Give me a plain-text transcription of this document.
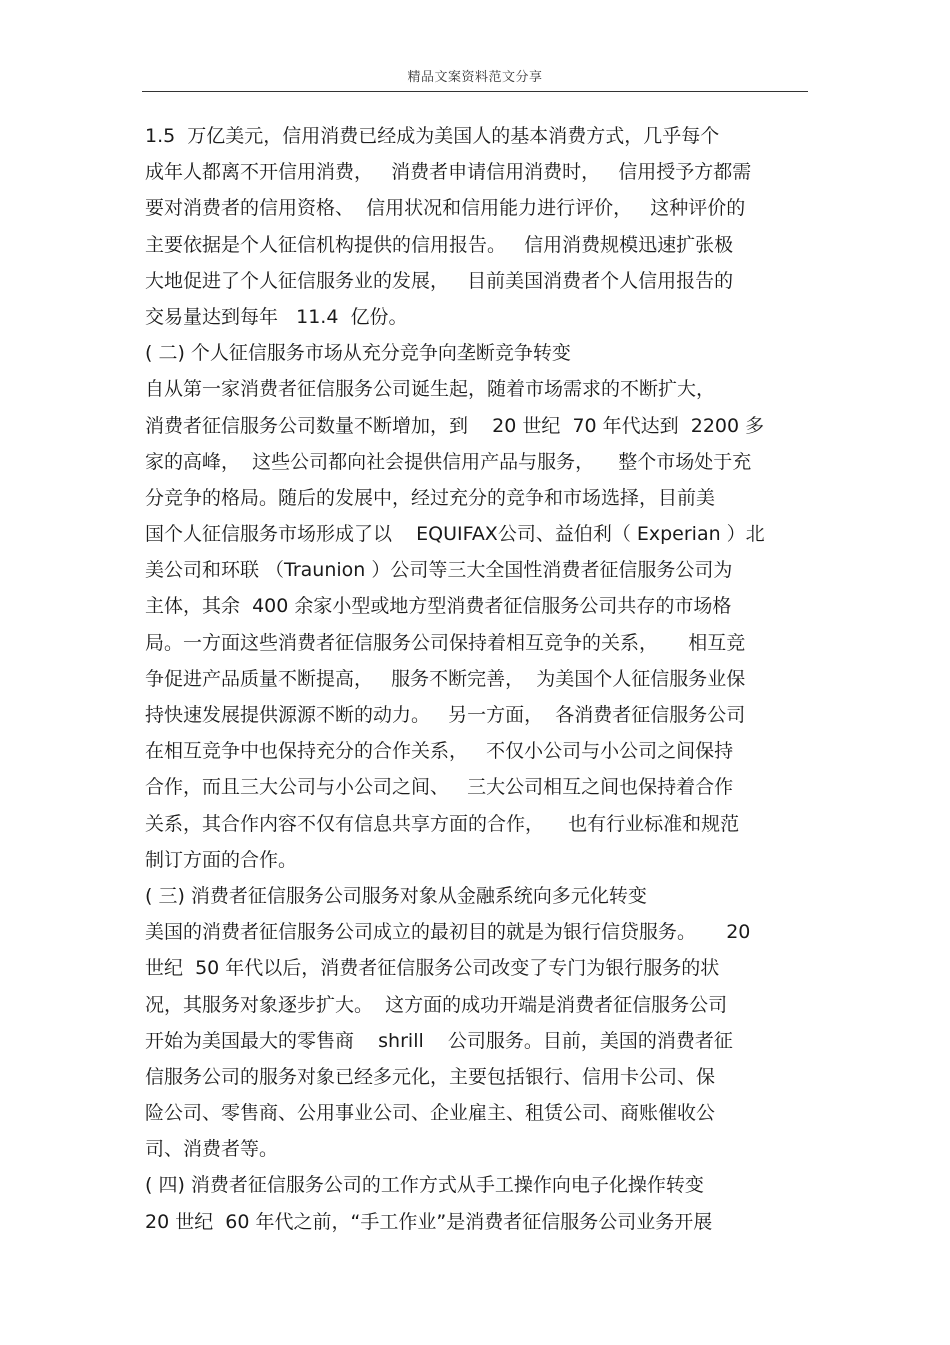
精品文案资料范文分享
1.5  万亿美元，信用消费已经成为美国人的基本消费方式，几乎每个
成年人都离不开信用消费，   消费者申请信用消费时，   信用授予方都需
要对消费者的信用资格、  信用状况和信用能力进行评价，   这种评价的
主要依据是个人征信机构提供的信用报告。   信用消费规模迅速扩张极
大地促进了个人征信服务业的发展，   目前美国消费者个人信用报告的
交易量达到每年   11.4  亿份。
( 二) 个人征信服务市场从充分竞争向垄断竞争转变
自从第一家消费者征信服务公司诞生起，随着市场需求的不断扩大，
消费者征信服务公司数量不断增加，到    20 世纪  70 年代达到  2200 多
家的高峰，  这些公司都向社会提供信用产品与服务，    整个市场处于充
分竞争的格局。随后的发展中，经过充分的竞争和市场选择，目前美
国个人征信服务市场形成了以    EQUIFAX公司、益伯利（ Experian ）北
美公司和环联 （Traunion ）公司等三大全国性消费者征信服务公司为
主体，其余  400 余家小型或地方型消费者征信服务公司共存的市场格
局。一方面这些消费者征信服务公司保持着相互竞争的关系，     相互竞
争促进产品质量不断提高，   服务不断完善，  为美国个人征信服务业保
持快速发展提供源源不断的动力。   另一方面，  各消费者征信服务公司
在相互竞争中也保持充分的合作关系，   不仅小公司与小公司之间保持
合作，而且三大公司与小公司之间、   三大公司相互之间也保持着合作
关系，其合作内容不仅有信息共享方面的合作，    也有行业标准和规范
制订方面的合作。
( 三) 消费者征信服务公司服务对象从金融系统向多元化转变
美国的消费者征信服务公司成立的最初目的就是为银行信贷服务。     20
世纪  50 年代以后，消费者征信服务公司改变了专门为银行服务的状
况，其服务对象逐步扩大。  这方面的成功开端是消费者征信服务公司
开始为美国最大的零售商    shrill    公司服务。目前，美国的消费者征
信服务公司的服务对象已经多元化，主要包括银行、信用卡公司、保
险公司、零售商、公用事业公司、企业雇主、租赁公司、商账催收公
司、消费者等。
( 四) 消费者征信服务公司的工作方式从手工操作向电子化操作转变
20 世纪  60 年代之前，“手工作业”是消费者征信服务公司业务开展
